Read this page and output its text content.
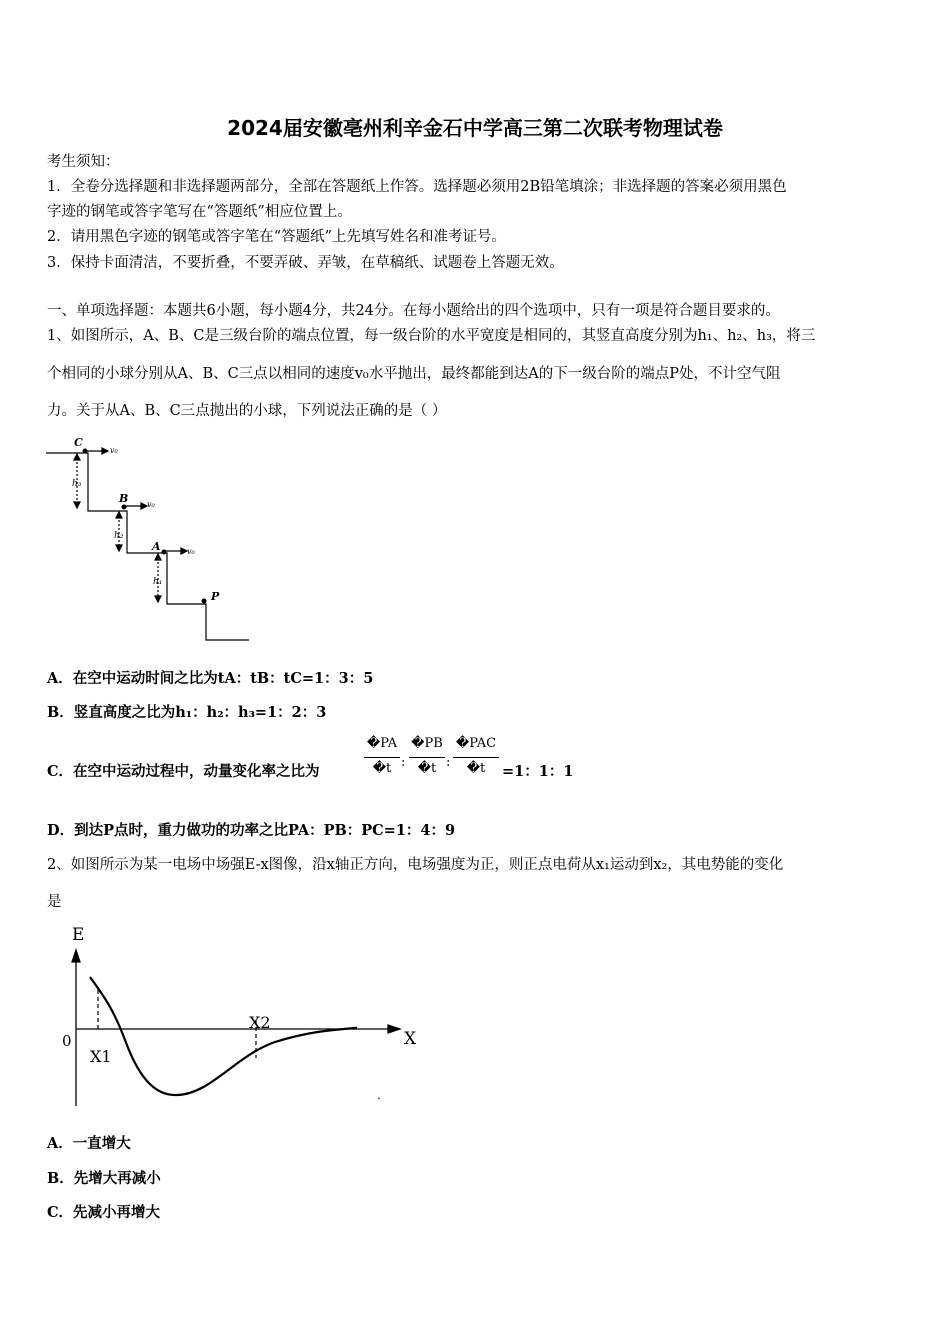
2024届安徽亳州利辛金石中学高三第二次联考物理试卷
考生须知：
1．全卷分选择题和非选择题两部分，全部在答题纸上作答。选择题必须用2B铅笔填涂；非选择题的答案必须用黑色
字迹的钢笔或答字笔写在“答题纸”相应位置上。
2．请用黑色字迹的钢笔或答字笔在“答题纸”上先填写姓名和准考证号。
3．保持卡面清洁，不要折叠，不要弄破、弄皱，在草稿纸、试题卷上答题无效。
一、单项选择题：本题共6小题，每小题4分，共24分。在每小题给出的四个选项中，只有一项是符合题目要求的。
1、如图所示，A、B、C是三级台阶的端点位置，每一级台阶的水平宽度是相同的，其竖直高度分别为h₁、h₂、h₃，将三
个相同的小球分别从A、B、C三点以相同的速度v₀水平抛出，最终都能到达A的下一级台阶的端点P处，不计空气阻
力。关于从A、B、C三点抛出的小球，下列说法正确的是（ ）
C
v₀
B v₀
A	v₀
P
h₃
h₂
h₁
A．在空中运动时间之比为tA：tB：tC=1：3：5
B．竖直高度之比为h₁：h₂：h₃=1：2：3
C．在空中运动过程中，动量变化率之比为
�PA
�t :
�PB
�t :
�PAC
�t	=1：1：1
D．到达P点时，重力做功的功率之比PA：PB：PC=1：4：9
2、如图所示为某一电场中场强E-x图像，沿x轴正方向，电场强度为正，则正点电荷从x₁运动到x₂，其电势能的变化
是
E
X
0
X1
X2
.
A．一直增大
B．先增大再减小
C．先减小再增大
